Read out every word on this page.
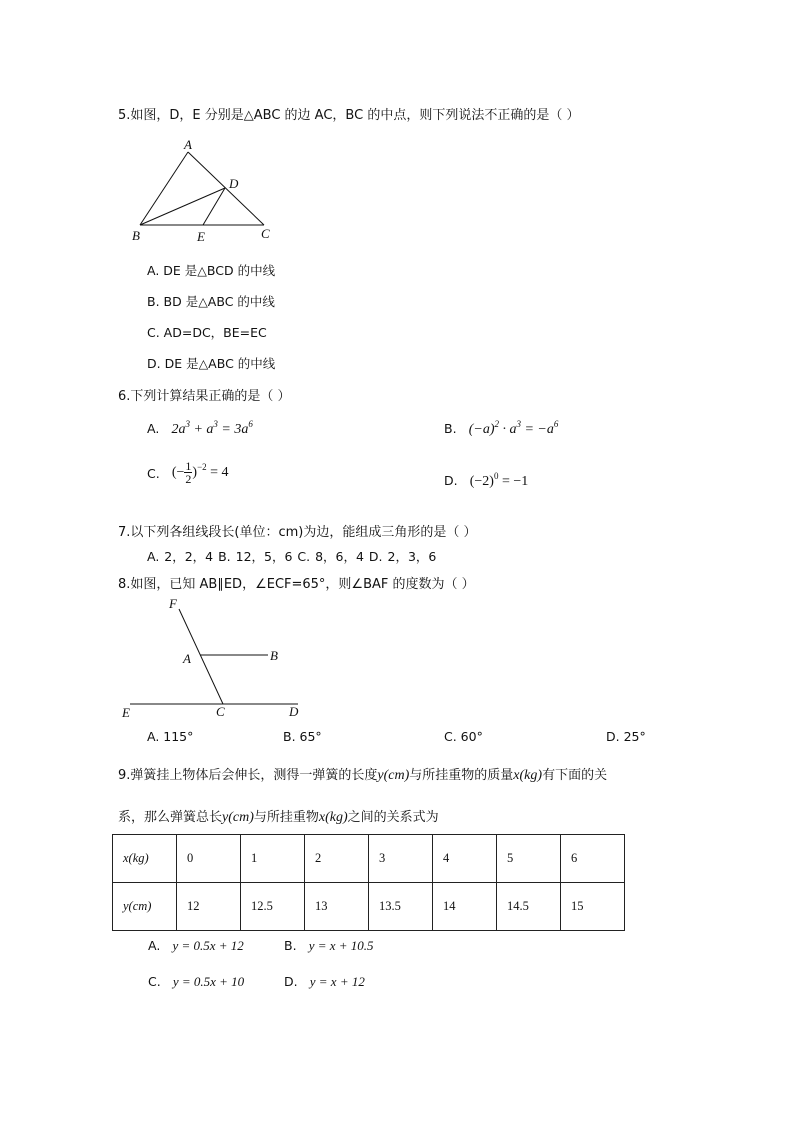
5.如图，D，E 分别是△ABC 的边 AC，BC 的中点，则下列说法不正确的是（ ）
A
D
B	E	C
A. DE 是△BCD 的中线
B. BD 是△ABC 的中线
C. AD=DC，BE=EC
D. DE 是△ABC 的中线
6.下列计算结果正确的是（ ）
A. $2a^3 + a^3 = 3a^6$	B. $(-a)^2 \cdot a^3 = -a^6$
C. (− $\frac{1}{2} )^{-2} = 4$
D. $(-2)^0 = -1$
7.以下列各组线段长(单位：cm)为边，能组成三角形的是（ ）
A. 2，2，4 B. 12，5，6 C. 8，6，4 D. 2，3，6
8.如图，已知 AB∥ED，∠ECF=65°，则∠BAF 的度数为（ ）
F
A	B
E	C	D
A. 115°	B. 65°	C. 60°	D. 25°
9.弹簧挂上物体后会伸长，测得一弹簧的长度y(cm)与所挂重物的质量x(kg)有下面的关
系，那么弹簧总长y(cm)与所挂重物x(kg)之间的关系式为
x(kg)	0	1	2	3	4	5	6
y(cm)	12	12.5	13	13.5	14	14.5	15
A. y = 0.5x + 12	B. y = x + 10.5
C. y = 0.5x + 10	D. y = x + 12
